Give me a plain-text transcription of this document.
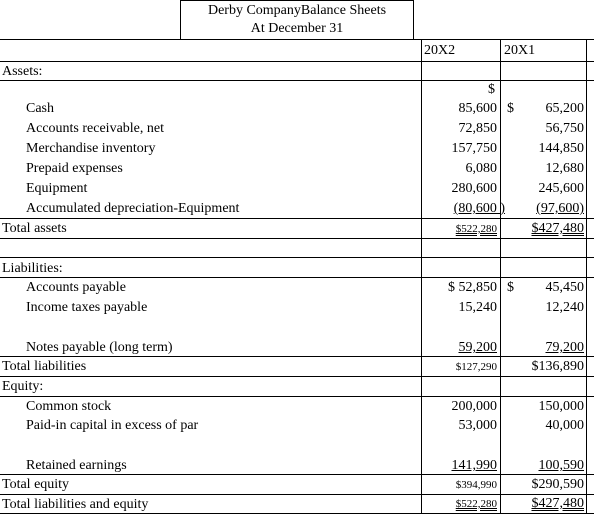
Derby CompanyBalance Sheets
At December 31
20X2	20X1
Assets:
$
Cash	85,600 $	65,200
Accounts receivable, net	72,850	56,750
Merchandise inventory	157,750	144,850
Prepaid expenses	6,080	12,680
Equipment	280,600	245,600
Accumulated depreciation-Equipment	(80,600 )	(97,600)
Total assets	$522,280	$427,480
Liabilities:
Accounts payable	$ 52,850 $	45,450
Income taxes payable	15,240	12,240
Notes payable (long term)	59,200	79,200
Total liabilities	$127,290	$136,890
Equity:
Common stock	200,000	150,000
Paid-in capital in excess of par	53,000	40,000
Retained earnings	141,990	100,590
Total equity	$394,990	$290,590
Total liabilities and equity	$522,280	$427,480
